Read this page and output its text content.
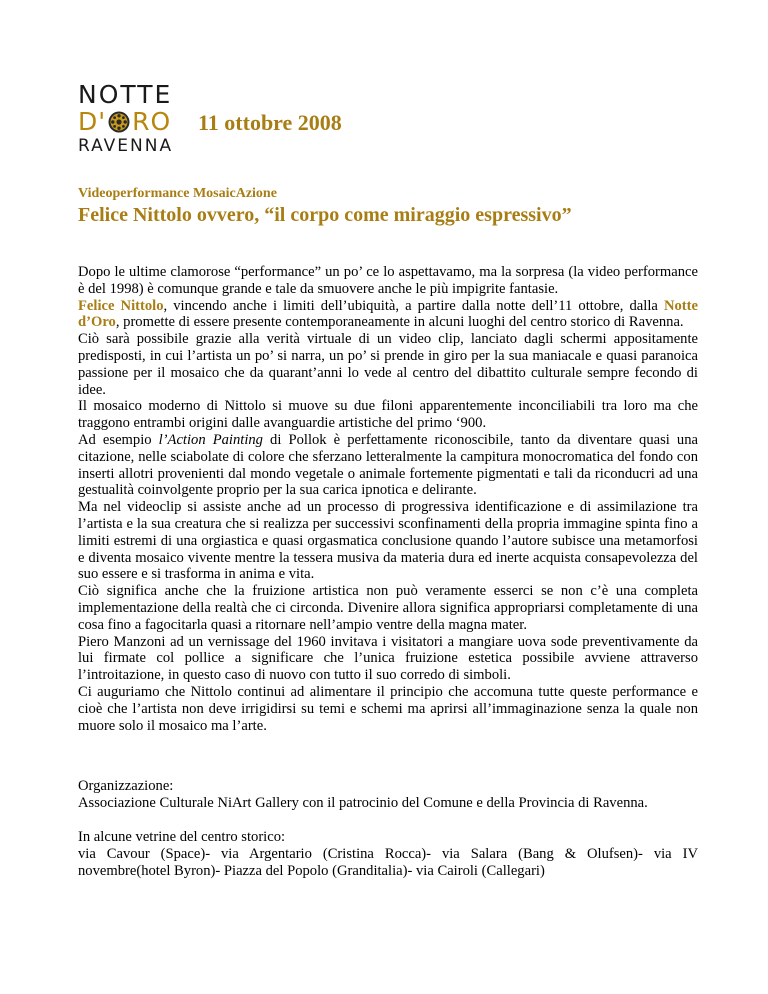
NOTTE
D' RO
RAVENNA
11 ottobre 2008
Videoperformance MosaicAzione
Felice Nittolo ovvero, “il corpo come miraggio espressivo”

Dopo le ultime clamorose “performance” un po’ ce lo aspettavamo, ma la sorpresa (la video performance è del 1998) è comunque grande e tale da smuovere anche le più impigrite fantasie.

Felice Nittolo, vincendo anche i limiti dell’ubiquità, a partire dalla notte dell’11 ottobre, dalla Notte d’Oro, promette di essere presente contemporaneamente in alcuni luoghi del centro storico di Ravenna.

Ciò sarà possibile grazie alla verità virtuale di un video clip, lanciato dagli schermi appositamente predisposti, in cui l’artista un po’ si narra, un po’ si prende in giro per la sua maniacale e quasi paranoica passione per il mosaico che da quarant’anni lo vede al centro del dibattito culturale sempre fecondo di idee.

Il mosaico moderno di Nittolo si muove su due filoni apparentemente inconciliabili tra loro ma che traggono entrambi origini dalle avanguardie artistiche del primo ‘900.

Ad esempio l’Action Painting di Pollok è perfettamente riconoscibile, tanto da diventare quasi una citazione, nelle sciabolate di colore che sferzano letteralmente la campitura monocromatica del fondo con inserti allotri provenienti dal mondo vegetale o animale fortemente pigmentati e tali da riconducri ad una gestualità coinvolgente proprio per la sua carica ipnotica e delirante.

Ma nel videoclip si assiste anche ad un processo di progressiva identificazione e di assimilazione tra l’artista e la sua creatura che si realizza per successivi sconfinamenti della propria immagine spinta fino a limiti estremi di una orgiastica e quasi orgasmatica conclusione quando l’autore subisce una metamorfosi e diventa mosaico vivente mentre la tessera musiva da materia dura ed inerte acquista consapevolezza del suo essere e si trasforma in anima e vita.

Ciò significa anche che la fruizione artistica non può veramente esserci se non c’è una completa implementazione della realtà che ci circonda. Divenire allora significa appropriarsi completamente di una cosa fino a fagocitarla quasi a ritornare nell’ampio ventre della magna mater.

Piero Manzoni ad un vernissage del 1960 invitava i visitatori a mangiare uova sode preventivamente da lui firmate col pollice a significare che l’unica fruizione estetica possibile avviene attraverso l’introitazione, in questo caso di nuovo con tutto il suo corredo di simboli.

Ci auguriamo che Nittolo continui ad alimentare il principio che accomuna tutte queste performance e cioè che l’artista non deve irrigidirsi su temi e schemi ma aprirsi all’immaginazione senza la quale non muore solo il mosaico ma l’arte.

Organizzazione:

Associazione Culturale NiArt Gallery con il patrocinio del Comune e della Provincia di Ravenna.

In alcune vetrine del centro storico:

via Cavour (Space)- via Argentario (Cristina Rocca)- via Salara (Bang & Olufsen)- via IV novembre(hotel Byron)- Piazza del Popolo (Granditalia)- via Cairoli (Callegari)
